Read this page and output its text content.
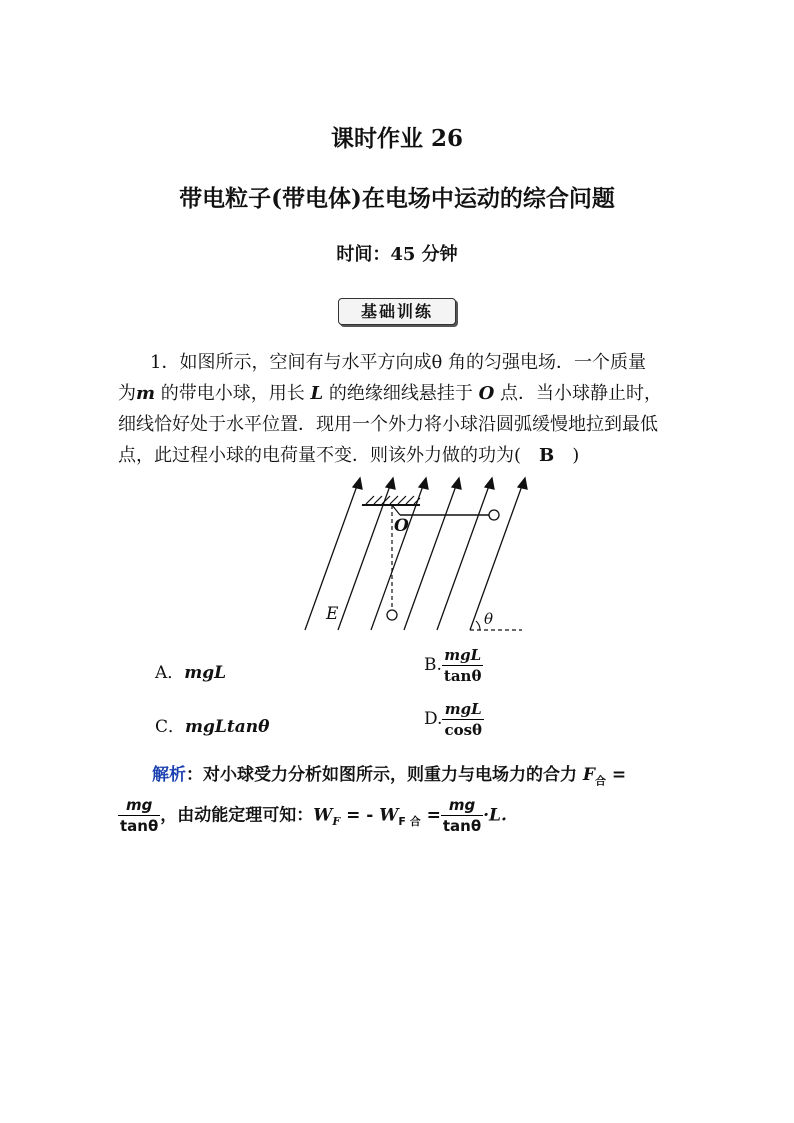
课时作业 26
带电粒子(带电体)在电场中运动的综合问题
时间：45 分钟
基础训练
1．如图所示，空间有与水平方向成θ 角的匀强电场．一个质量
为m 的带电小球，用长 L 的绝缘细线悬挂于 O 点．当小球静止时，
细线恰好处于水平位置．现用一个外力将小球沿圆弧缓慢地拉到最低
点，此过程小球的电荷量不变．则该外力做的功为(　B　)
O
E	θ
A．mgL	B. $\frac{\text{mgL}}{\tan\theta}$
C．mgLtanθ	D. $\frac{\text{mgL}}{\cos\theta}$
解析：对小球受力分析如图所示，则重力与电场力的合力 $F_合$ =
$\frac{mg}{\tan\theta}$ ，由动能定理可知：$W_F$ = - $W_{F 合} = \frac{mg}{\tan\theta} \cdot L$.
